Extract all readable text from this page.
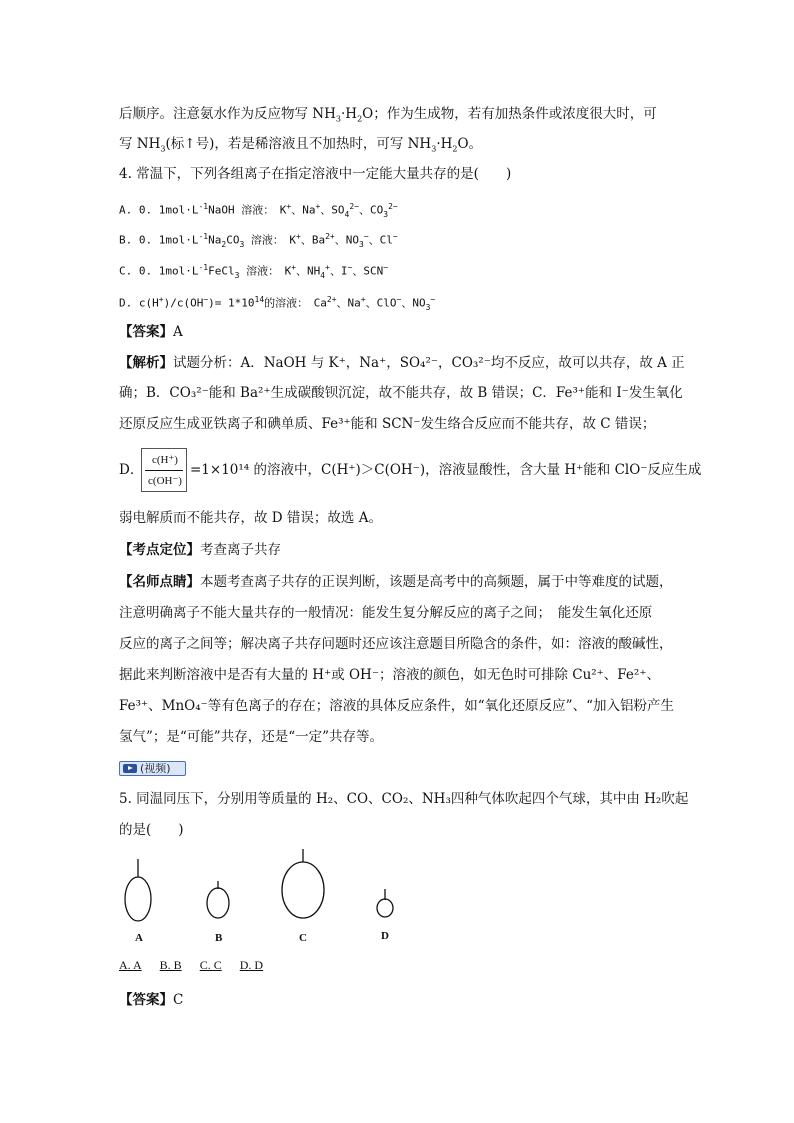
后顺序。注意氨水作为反应物写 $NH_3\cdot H_2O$；作为生成物，若有加热条件或浓度很大时，可
写 $NH_3$(标↑号)，若是稀溶液且不加热时，可写 $NH_3\cdot H_2O$。
4. 常温下，下列各组离子在指定溶液中一定能大量共存的是(　　)
A. 0. $1mol\cdot L^{-1}NaOH$ 溶液：　K+、Na+、$SO_4^{2-}$、$CO_3^{2-}$
B. 0. $1mol\cdot L^{-1}Na_2CO_3$ 溶液：　K+、$Ba^{2+}$、$NO_3^-$、Cl−
C. 0. $1mol\cdot L^{-1}FeCl_3$ 溶液：　K+、$NH_4^+$、I−、SCN−
D. $c(H^+)/c(OH^-)= 1*10^{14}$的溶液：　$Ca^{2+}$、Na+、ClO−、$NO_3^-$
【答案】A
【解析】试题分析：A．NaOH 与 K⁺，Na⁺，SO₄²⁻，CO₃²⁻均不反应，故可以共存，故 A 正
确；B．CO₃²⁻能和 Ba²⁺生成碳酸钡沉淀，故不能共存，故 B 错误；C．Fe³⁺能和 I⁻发生氧化
还原反应生成亚铁离子和碘单质、Fe³⁺能和 SCN⁻发生络合反应而不能共存，故 C 错误；
D．
c(H⁺)
c(OH⁻)
=1×10¹⁴ 的溶液中，C(H⁺)＞C(OH⁻)，溶液显酸性，含大量 H⁺能和 ClO⁻反应生成
弱电解质而不能共存，故 D 错误；故选 A。
【考点定位】考查离子共存
【名师点睛】本题考查离子共存的正误判断，该题是高考中的高频题，属于中等难度的试题，
注意明确离子不能大量共存的一般情况：能发生复分解反应的离子之间；　能发生氧化还原
反应的离子之间等；解决离子共存问题时还应该注意题目所隐含的条件，如：溶液的酸碱性，
据此来判断溶液中是否有大量的 H⁺或 OH⁻；溶液的颜色，如无色时可排除 Cu²⁺、Fe²⁺、
Fe³⁺、MnO₄⁻等有色离子的存在；溶液的具体反应条件，如“氧化还原反应”、“加入铝粉产生
氢气”；是“可能”共存，还是“一定”共存等。
(视频)
5. 同温同压下，分别用等质量的 H₂、CO、CO₂、NH₃四种气体吹起四个气球，其中由 H₂吹起
的是(　　)
A	B	C	D
A. A   B. B   C. C   D. D
【答案】C
